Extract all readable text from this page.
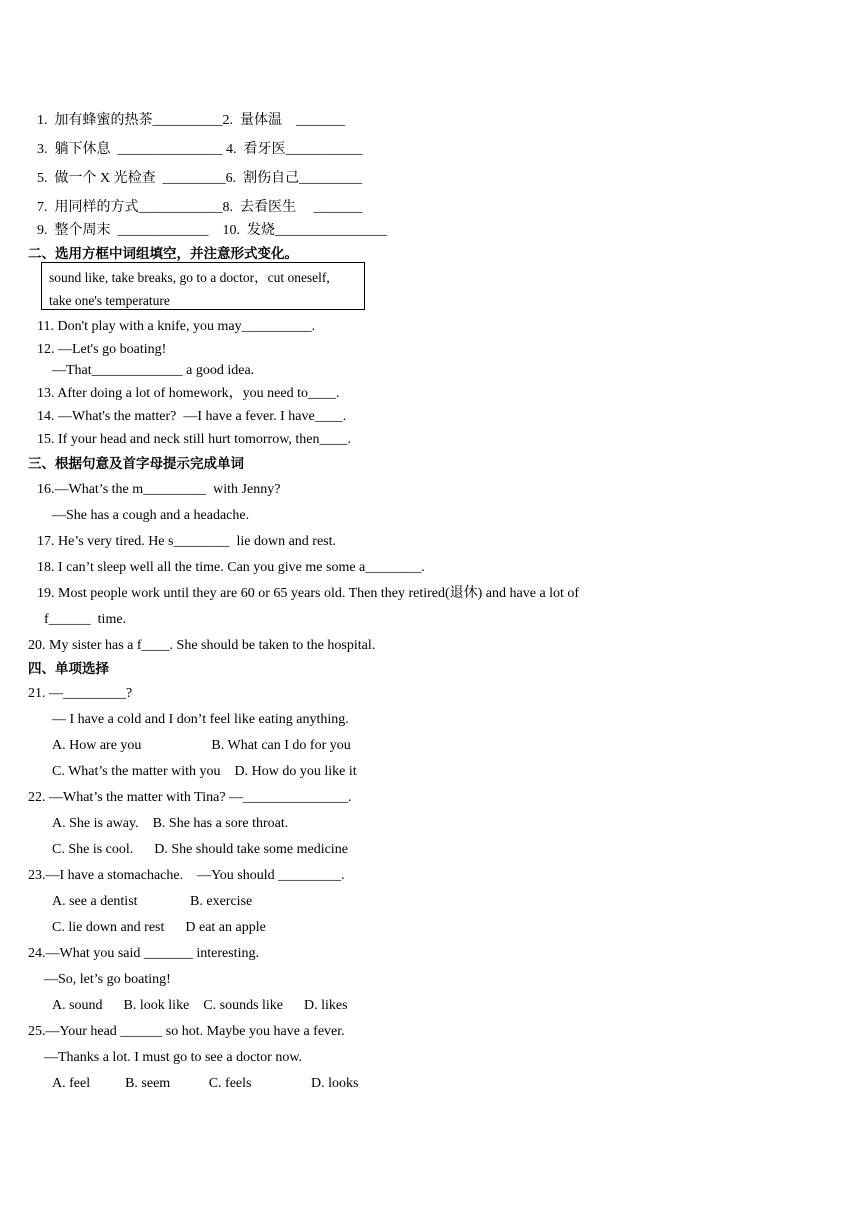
1.  加有蜂蜜的热茶__________2.  量体温    _______
3.  躺下休息  _______________ 4.  看牙医___________
5.  做一个 X 光检查  _________6.  割伤自己_________
7.  用同样的方式____________8.  去看医生     _______
9.  整个周末  _____________    10.  发烧________________
二、选用方框中词组填空，并注意形式变化。
sound like, take breaks, go to a doctor，cut oneself,
take one's temperature
11. Don't play with a knife, you may__________.
12. —Let's go boating!
—That_____________ a good idea.
13. After doing a lot of homework，you need to____.
14. —What's the matter?  —I have a fever. I have____.
15. If your head and neck still hurt tomorrow, then____.
三、根据句意及首字母提示完成单词
16.—What’s the m_________  with Jenny?
—She has a cough and a headache.
17. He’s very tired. He s________  lie down and rest.
18. I can’t sleep well all the time. Can you give me some a________.
19. Most people work until they are 60 or 65 years old. Then they retired(退休) and have a lot of
f______  time.
20. My sister has a f____. She should be taken to the hospital.
四、单项选择
21. —_________?
— I have a cold and I don’t feel like eating anything.
A. How are you                    B. What can I do for you
C. What’s the matter with you    D. How do you like it
22. —What’s the matter with Tina? —_______________.
A. She is away.    B. She has a sore throat.
C. She is cool.      D. She should take some medicine
23.—I have a stomachache.    —You should _________.
A. see a dentist               B. exercise
C. lie down and rest      D eat an apple
24.—What you said _______ interesting.
—So, let’s go boating!
A. sound      B. look like    C. sounds like      D. likes
25.—Your head ______ so hot. Maybe you have a fever.
—Thanks a lot. I must go to see a doctor now.
A. feel          B. seem           C. feels                 D. looks
